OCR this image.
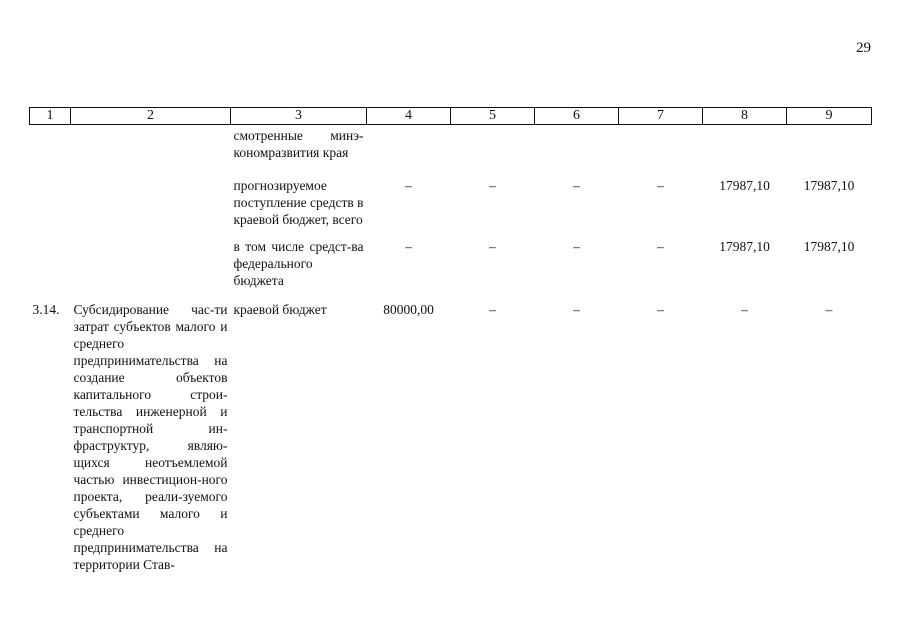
29
1	2	3	4	5	6	7	8	9
		смотренные минэ-кономразвития края						
		прогнозируемое поступление средств в краевой бюджет, всего	–	–	–	–	17987,10	17987,10
		в том числе средст-ва федерального бюджета	–	–	–	–	17987,10	17987,10
3.14.	Субсидирование час-ти затрат субъектов малого и среднего предпринимательства на создание объектов капитального строи-тельства инженерной и транспортной ин-фраструктур, являю-щихся неотъемлемой частью инвестицион-ного проекта, реали-зуемого субъектами малого и среднего предпринимательства на территории Став-	краевой бюджет	80000,00	–	–	–	–	–
